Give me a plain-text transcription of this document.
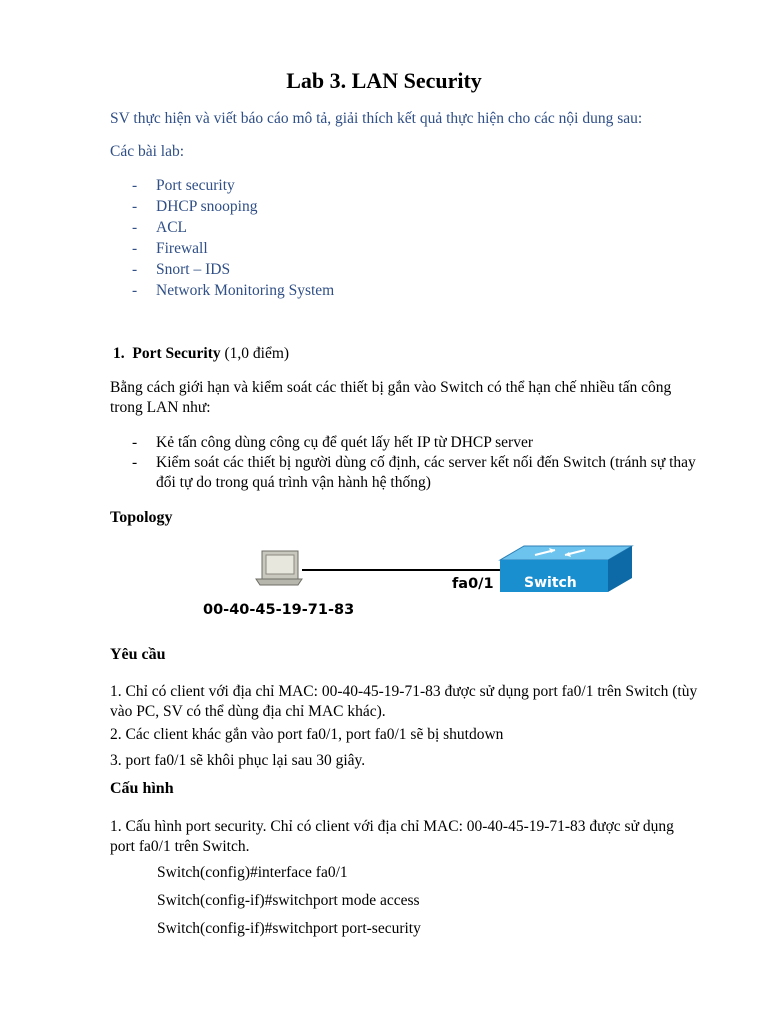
Lab 3. LAN Security
SV thực hiện và viết báo cáo mô tả, giải thích kết quả thực hiện cho các nội dung sau:
Các bài lab:
- Port security
- DHCP snooping
- ACL
- Firewall
- Snort – IDS
- Network Monitoring System
1. Port Security (1,0 điểm)
Bằng cách giới hạn và kiểm soát các thiết bị gắn vào Switch có thể hạn chế nhiều tấn công trong LAN như:
- Kẻ tấn công dùng công cụ để quét lấy hết IP từ DHCP server
- Kiểm soát các thiết bị người dùng cố định, các server kết nối đến Switch (tránh sự thay đổi tự do trong quá trình vận hành hệ thống)
Topology
Switch
fa0/1
00-40-45-19-71-83
Yêu cầu
1. Chỉ có client với địa chỉ MAC: 00-40-45-19-71-83 được sử dụng port fa0/1 trên Switch (tùy vào PC, SV có thể dùng địa chỉ MAC khác).
2. Các client khác gắn vào port fa0/1, port fa0/1 sẽ bị shutdown
3. port fa0/1 sẽ khôi phục lại sau 30 giây.
Cấu hình
1. Cấu hình port security. Chỉ có client với địa chỉ MAC: 00-40-45-19-71-83 được sử dụng port fa0/1 trên Switch.
Switch(config)#interface fa0/1
Switch(config-if)#switchport mode access
Switch(config-if)#switchport port-security
